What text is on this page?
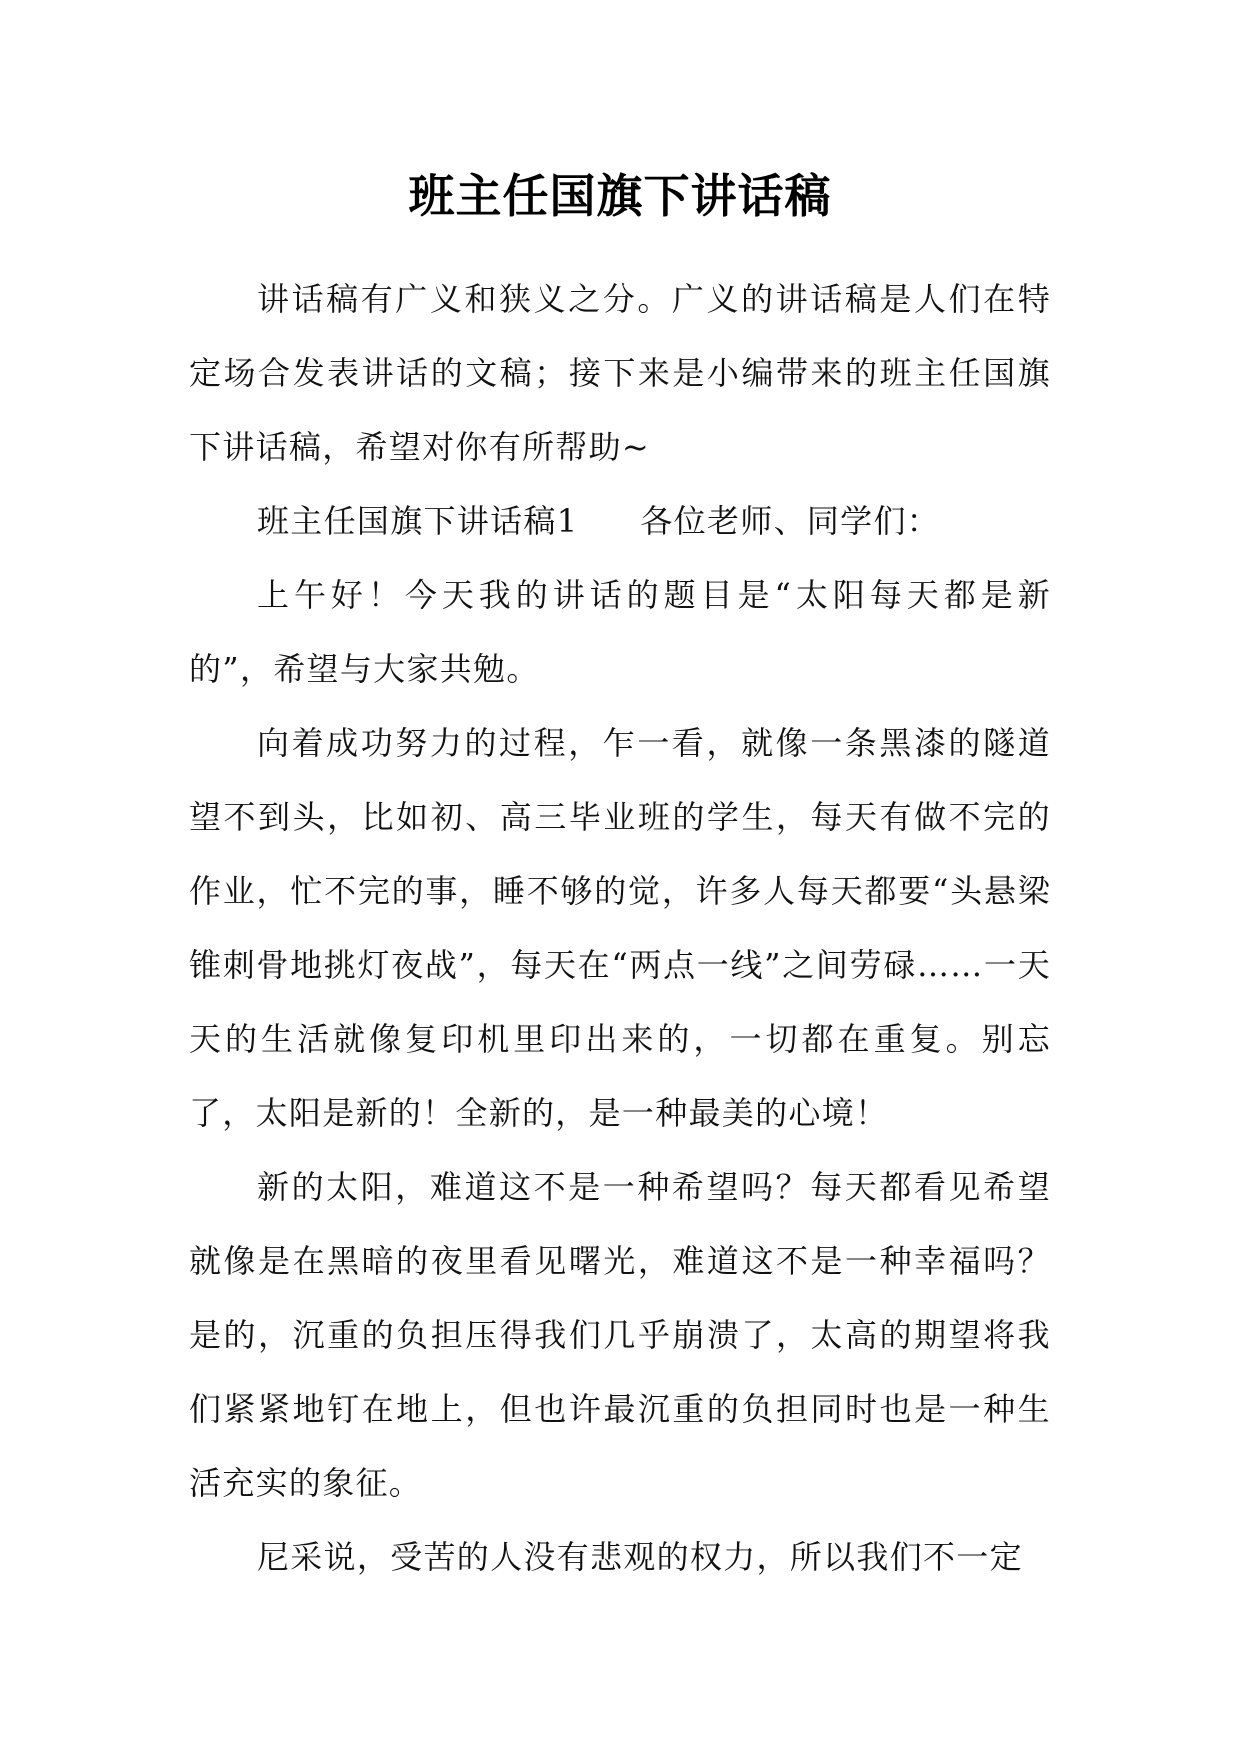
班主任国旗下讲话稿

讲话稿有广义和狭义之分。广义的讲话稿是人们在特定场合发表讲话的文稿；接下来是小编带来的班主任国旗下讲话稿，希望对你有所帮助~

班主任国旗下讲话稿1 各位老师、同学们：

上午好！今天我的讲话的题目是“太阳每天都是新的”，希望与大家共勉。

向着成功努力的过程，乍一看，就像一条黑漆的隧道望不到头，比如初、高三毕业班的学生，每天有做不完的作业，忙不完的事，睡不够的觉，许多人每天都要“头悬梁锥刺骨地挑灯夜战”，每天在“两点一线”之间劳碌……一天天的生活就像复印机里印出来的，一切都在重复。别忘了，太阳是新的！全新的，是一种最美的心境！

新的太阳，难道这不是一种希望吗？每天都看见希望就像是在黑暗的夜里看见曙光，难道这不是一种幸福吗？是的，沉重的负担压得我们几乎崩溃了，太高的期望将我们紧紧地钉在地上，但也许最沉重的负担同时也是一种生活充实的象征。

尼采说，受苦的人没有悲观的权力，所以我们不一定
